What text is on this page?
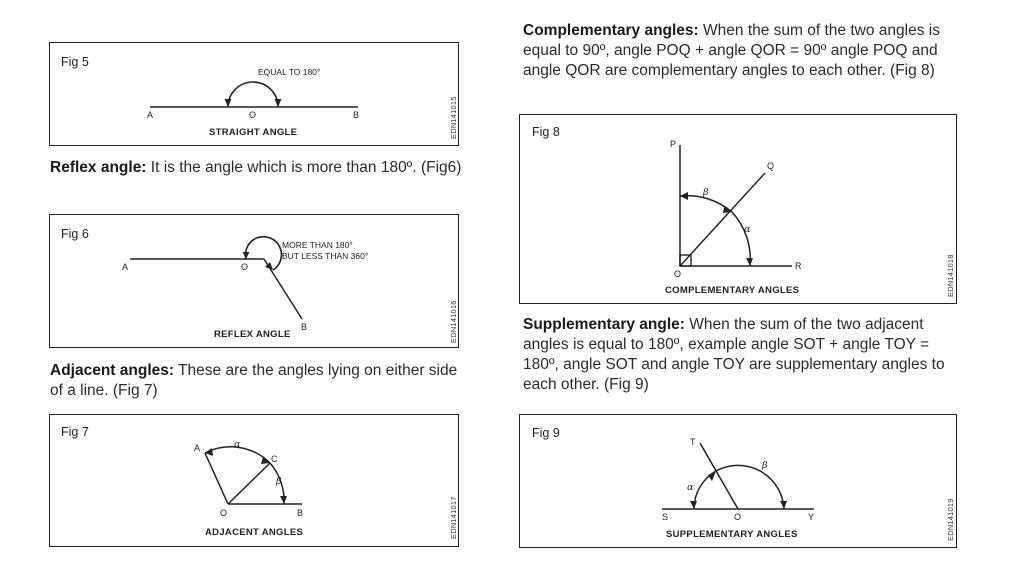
Fig 5
EQUAL TO 180°
A	O	B
STRAIGHT ANGLE	EDN141015

Reflex angle: It is the angle which is more than 180º. (Fig6)

Fig 6
MORE THAN 180°
BUT LESS THAN 360°
A	O
B
REFLEX ANGLE	EDN141016

Adjacent angles: These are the angles lying on either side of a line. (Fig 7)

Fig 7
A
C
α
β
O	B
ADJACENT ANGLES	EDN141017

Complementary angles: When the sum of the two angles is equal to 90º, angle POQ + angle QOR = 90º angle POQ and angle QOR are complementary angles to each other. (Fig 8)

Fig 8
P
Q
β
α
O
R
COMPLEMENTARY ANGLES	EDN141018

Supplementary angle: When the sum of the two adjacent angles is equal to 180º, example angle SOT + angle TOY = 180º, angle SOT and angle TOY are supplementary angles to each other. (Fig 9)

Fig 9
T
α
β
S	O	Y
SUPPLEMENTARY ANGLES	EDN141019
